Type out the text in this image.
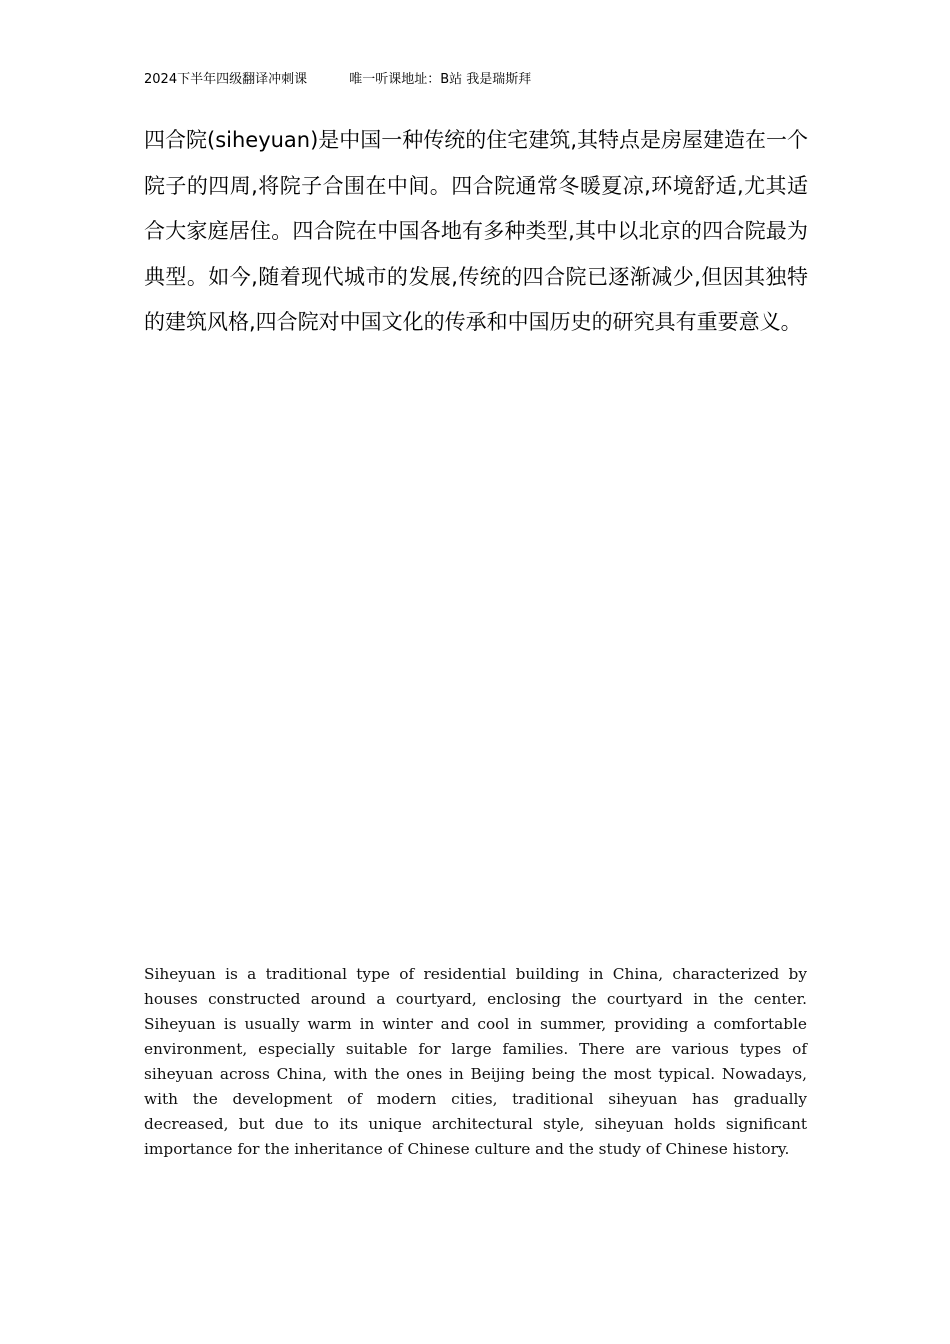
2024下半年四级翻译冲刺课	唯一听课地址：B站 我是瑞斯拜

四合院(siheyuan)是中国一种传统的住宅建筑,其特点是房屋建造在一个院子的四周,将院子合围在中间。四合院通常冬暖夏凉,环境舒适,尤其适合大家庭居住。四合院在中国各地有多种类型,其中以北京的四合院最为典型。如今,随着现代城市的发展,传统的四合院已逐渐减少,但因其独特的建筑风格,四合院对中国文化的传承和中国历史的研究具有重要意义。

Siheyuan is a traditional type of residential building in China, characterized by houses constructed around a courtyard, enclosing the courtyard in the center. Siheyuan is usually warm in winter and cool in summer, providing a comfortable environment, especially suitable for large families. There are various types of siheyuan across China, with the ones in Beijing being the most typical. Nowadays, with the development of modern cities, traditional siheyuan has gradually decreased, but due to its unique architectural style, siheyuan holds significant importance for the inheritance of Chinese culture and the study of Chinese history.
